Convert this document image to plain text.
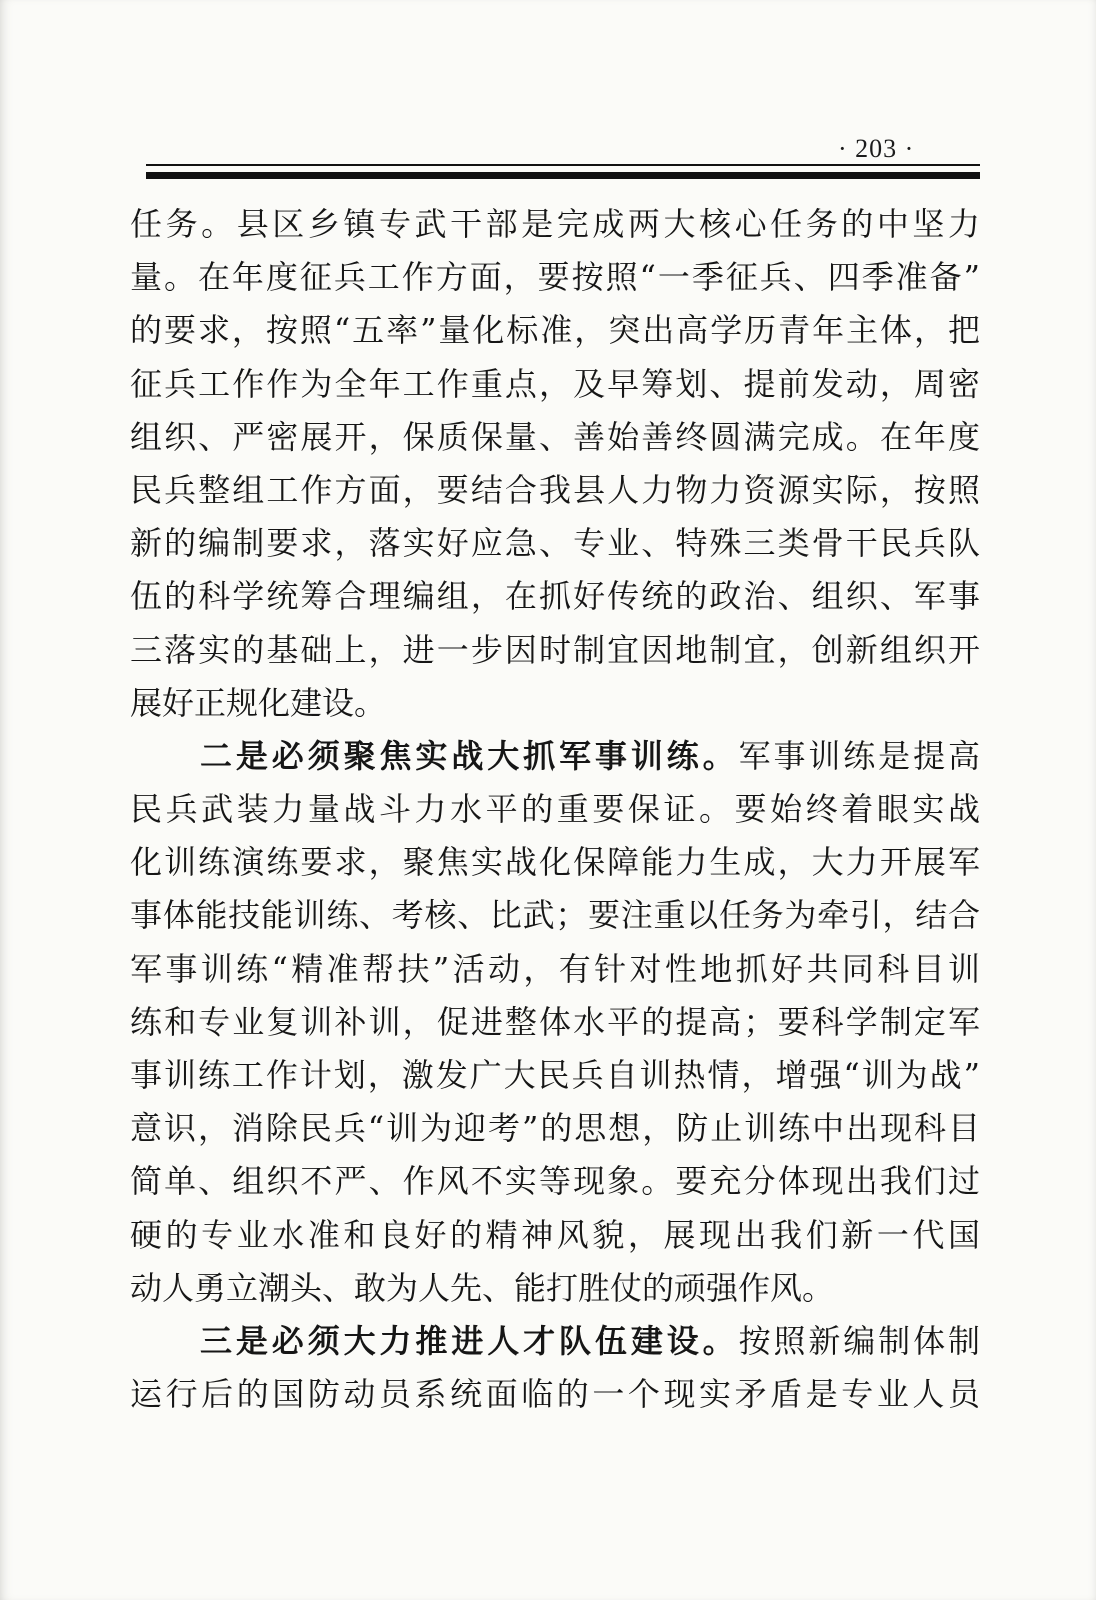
· 203 ·
任务。县区乡镇专武干部是完成两大核心任务的中坚力
量。在年度征兵工作方面，要按照“一季征兵、四季准备”
的要求，按照“五率”量化标准，突出高学历青年主体，把
征兵工作作为全年工作重点，及早筹划、提前发动，周密
组织、严密展开，保质保量、善始善终圆满完成。在年度
民兵整组工作方面，要结合我县人力物力资源实际，按照
新的编制要求，落实好应急、专业、特殊三类骨干民兵队
伍的科学统筹合理编组，在抓好传统的政治、组织、军事
三落实的基础上，进一步因时制宜因地制宜，创新组织开
展好正规化建设。
二是必须聚焦实战大抓军事训练。军事训练是提高
民兵武装力量战斗力水平的重要保证。要始终着眼实战
化训练演练要求，聚焦实战化保障能力生成，大力开展军
事体能技能训练、考核、比武；要注重以任务为牵引，结合
军事训练“精准帮扶”活动，有针对性地抓好共同科目训
练和专业复训补训，促进整体水平的提高；要科学制定军
事训练工作计划，激发广大民兵自训热情，增强“训为战”
意识，消除民兵“训为迎考”的思想，防止训练中出现科目
简单、组织不严、作风不实等现象。要充分体现出我们过
硬的专业水准和良好的精神风貌，展现出我们新一代国
动人勇立潮头、敢为人先、能打胜仗的顽强作风。
三是必须大力推进人才队伍建设。按照新编制体制
运行后的国防动员系统面临的一个现实矛盾是专业人员
